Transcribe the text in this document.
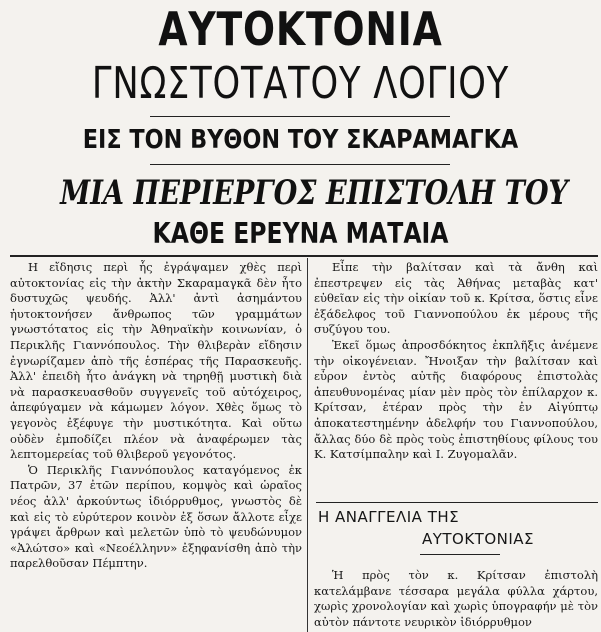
ΑΥΤΟΚΤΟΝΙΑ
ΓΝΩΣΤΟΤΑΤΟΥ ΛΟΓΙΟΥ
ΕΙΣ ΤΟΝ ΒΥΘΟΝ ΤΟΥ ΣΚΑΡΑΜΑΓΚΑ
ΜΙΑ ΠΕΡΙΕΡΓΟΣ ΕΠΙΣΤΟΛΗ ΤΟΥ
ΚΑΘΕ ΕΡΕΥΝΑ ΜΑΤΑΙΑ

Η εἴδησις περὶ ἧς ἐγράψαμεν χθὲς περὶ αὐτοκτονίας εἰς τὴν ἀκτὴν Σκαραμαγκᾶ δὲν ἦτο δυστυχῶς ψευδής. Ἀλλ' ἀντὶ ἀσημάντου ἠυτοκτονήσεν ἄνθρωπος τῶν γραμμάτων γνωστότατος εἰς τὴν Ἀθηναϊκὴν κοινωνίαν, ὁ Περικλῆς Γιαννόπουλος. Τὴν θλιβερὰν εἴδησιν ἐγνωρίζαμεν ἀπὸ τῆς ἑσπέρας τῆς Παρασκευῆς. Ἀλλ' ἐπειδὴ ἦτο ἀνάγκη νὰ τηρηθῇ μυστικὴ διὰ νὰ παρασκευασθοῦν συγγενεῖς τοῦ αὐτόχειρος, ἀπεφύγαμεν νὰ κάμωμεν λόγον. Χθὲς ὅμως τὸ γεγονὸς ἐξέφυγε τὴν μυστικότητα. Καὶ οὕτω οὐδὲν ἐμποδίζει πλέον νὰ ἀναφέρωμεν τὰς λεπτομερείας τοῦ θλιβεροῦ γεγονότος.

Ὁ Περικλῆς Γιαννόπουλος καταγόμενος ἐκ Πατρῶν, 37 ἐτῶν περίπου, κομψὸς καὶ ὡραῖος νέος ἀλλ' ἀρκούντως ἰδιόρρυθμος, γνωστὸς δὲ καὶ εἰς τὸ εὐρύτερον κοινὸν ἐξ ὅσων ἄλλοτε εἶχε γράψει ἄρθρων καὶ μελετῶν ὑπὸ τὸ ψευδώνυμον «Ἀλώτσο» καὶ «Νεοέλληνν» ἐξηφανίσθη ἀπὸ τὴν παρελθοῦσαν Πέμπτην.

Εἶπε τὴν βαλίτσαν καὶ τὰ ἄνθη καὶ ἐπεστρεψεν εἰς τὰς Ἀθήνας μεταβὰς κατ' εὐθεῖαν εἰς τὴν οἰκίαν τοῦ κ. Κρίτσα, ὅστις εἶνε ἐξάδελφος τοῦ Γιαννοπούλου ἐκ μέρους τῆς συζύγου του.

Ἐκεῖ ὅμως ἀπροσδόκητος ἐκπλῆξις ἀνέμενε τὴν οἰκογένειαν. Ἤνοιξαν τὴν βαλίτσαν καὶ εὗρον ἐντὸς αὐτῆς διαφόρους ἐπιστολὰς ἀπευθυνομένας μίαν μὲν πρὸς τὸν ἐπίλαρχον κ. Κρίτσαν, ἑτέραν πρὸς τὴν ἐν Αἰγύπτῳ ἀποκατεστημένην ἀδελφήν του Γιαννοπούλου, ἄλλας δύο δὲ πρὸς τοὺς ἐπιστηθίους φίλους του Κ. Κατσίμπαλην καὶ Ι. Ζυγομαλᾶν.

Η ΑΝΑΓΓΕΛΙΑ ΤΗΣ
ΑΥΤΟΚΤΟΝΙΑΣ

Ἡ πρὸς τὸν κ. Κρίτσαν ἐπιστολὴ κατελάμβανε τέσσαρα μεγάλα φύλλα χάρτου, χωρὶς χρονολογίαν καὶ χωρὶς ὑπογραφήν μὲ τὸν αὐτὸν πάντοτε νευρικὸν ἰδιόρρυθμον
